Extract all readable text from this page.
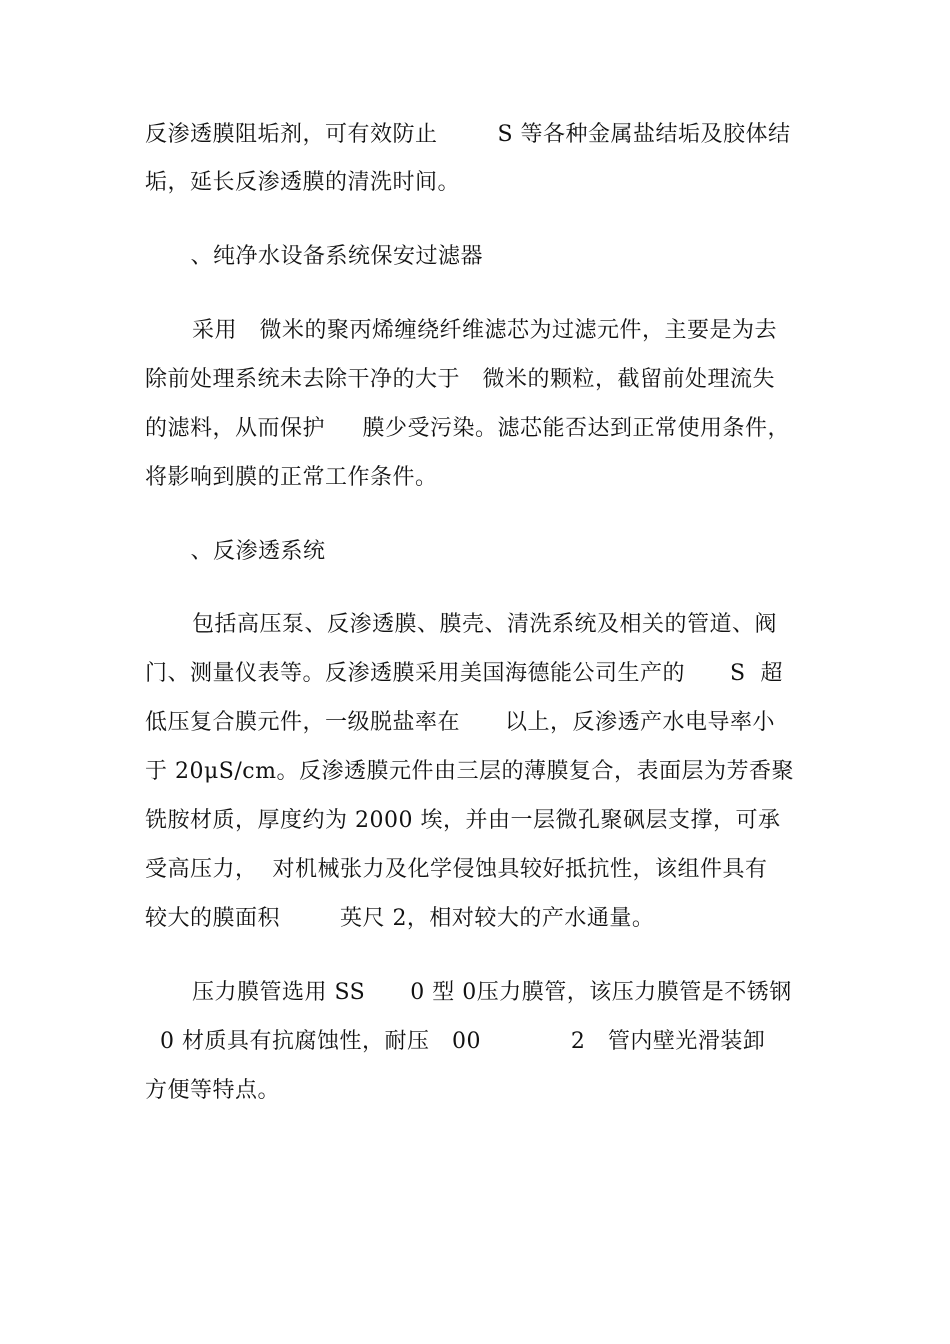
反渗透膜阻垢剂，可有效防止        S 等各种金属盐结垢及胶体结
垢，延长反渗透膜的清洗时间。
、纯净水设备系统保安过滤器
采用   微米的聚丙烯缠绕纤维滤芯为过滤元件，主要是为去
除前处理系统未去除干净的大于   微米的颗粒，截留前处理流失
的滤料，从而保护     膜少受污染。滤芯能否达到正常使用条件，
将影响到膜的正常工作条件。
、反渗透系统
包括高压泵、反渗透膜、膜壳、清洗系统及相关的管道、阀
门、测量仪表等。反渗透膜采用美国海德能公司生产的      S  超
低压复合膜元件，一级脱盐率在      以上，反渗透产水电导率小
于 20μS/cm。反渗透膜元件由三层的薄膜复合，表面层为芳香聚
铣胺材质，厚度约为 2000 埃，并由一层微孔聚砜层支撑，可承
受高压力，  对机械张力及化学侵蚀具较好抵抗性，该组件具有
较大的膜面积        英尺 2，相对较大的产水通量。
压力膜管选用 SS      0 型 0压力膜管，该压力膜管是不锈钢
0 材质具有抗腐蚀性，耐压   00            2   管内壁光滑装卸
方便等特点。
